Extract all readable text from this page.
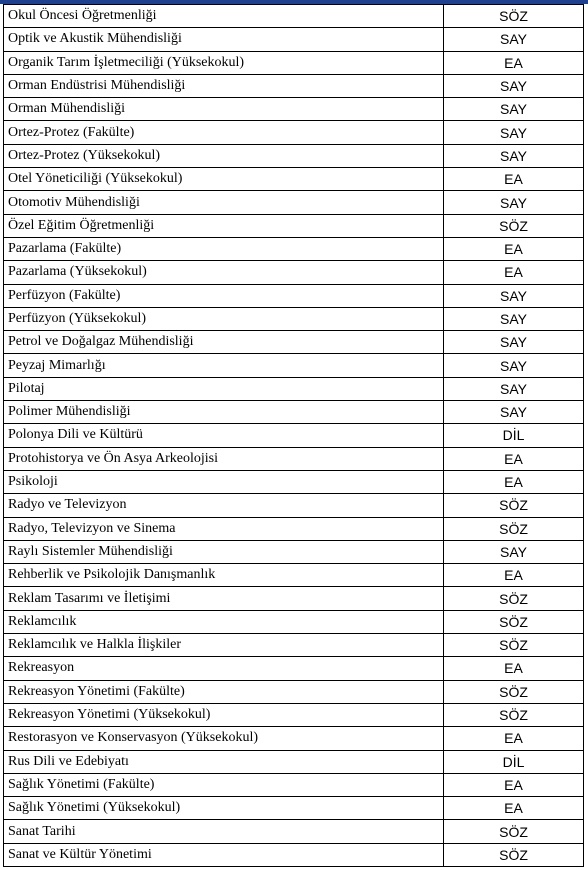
Okul Öncesi Öğretmenliği	SÖZ
Optik ve Akustik Mühendisliği	SAY
Organik Tarım İşletmeciliği (Yüksekokul)	EA
Orman Endüstrisi Mühendisliği	SAY
Orman Mühendisliği	SAY
Ortez-Protez (Fakülte)	SAY
Ortez-Protez (Yüksekokul)	SAY
Otel Yöneticiliği (Yüksekokul)	EA
Otomotiv Mühendisliği	SAY
Özel Eğitim Öğretmenliği	SÖZ
Pazarlama (Fakülte)	EA
Pazarlama (Yüksekokul)	EA
Perfüzyon (Fakülte)	SAY
Perfüzyon (Yüksekokul)	SAY
Petrol ve Doğalgaz Mühendisliği	SAY
Peyzaj Mimarlığı	SAY
Pilotaj	SAY
Polimer Mühendisliği	SAY
Polonya Dili ve Kültürü	DİL
Protohistorya ve Ön Asya Arkeolojisi	EA
Psikoloji	EA
Radyo ve Televizyon	SÖZ
Radyo, Televizyon ve Sinema	SÖZ
Raylı Sistemler Mühendisliği	SAY
Rehberlik ve Psikolojik Danışmanlık	EA
Reklam Tasarımı ve İletişimi	SÖZ
Reklamcılık	SÖZ
Reklamcılık ve Halkla İlişkiler	SÖZ
Rekreasyon	EA
Rekreasyon Yönetimi (Fakülte)	SÖZ
Rekreasyon Yönetimi (Yüksekokul)	SÖZ
Restorasyon ve Konservasyon (Yüksekokul)	EA
Rus Dili ve Edebiyatı	DİL
Sağlık Yönetimi (Fakülte)	EA
Sağlık Yönetimi (Yüksekokul)	EA
Sanat Tarihi	SÖZ
Sanat ve Kültür Yönetimi	SÖZ
